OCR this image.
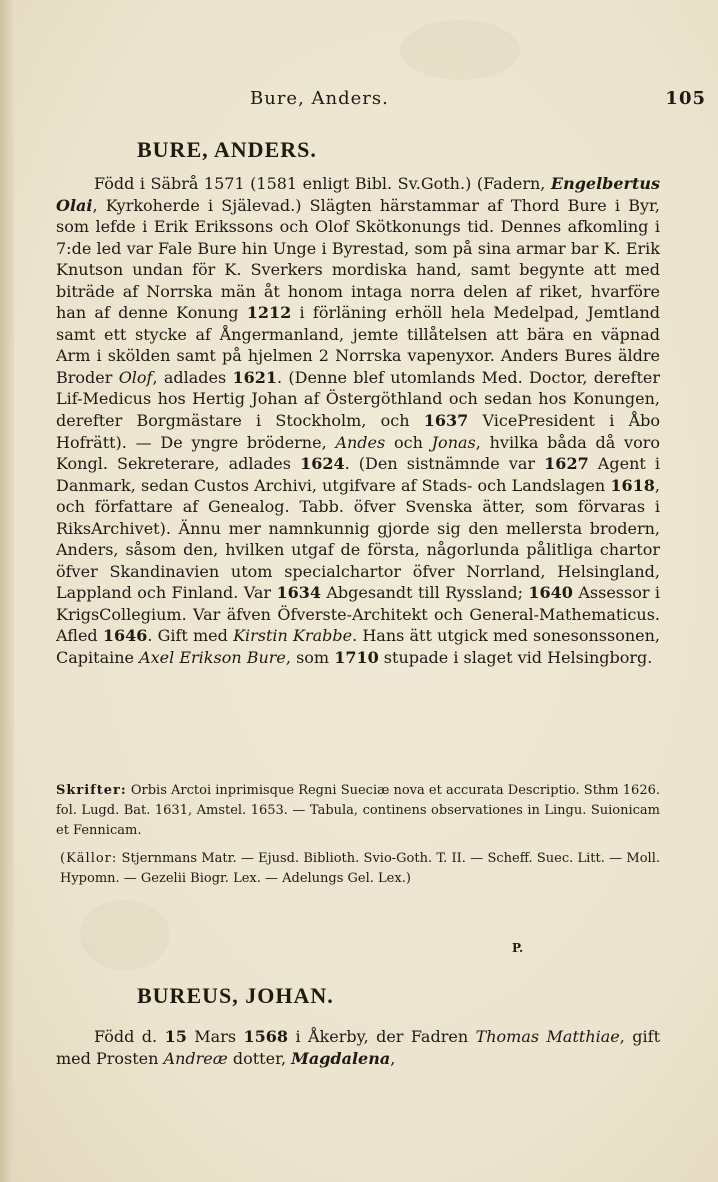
Bure, Anders.	105
BURE, ANDERS.

Född i Säbrå 1571 (1581 enligt Bibl. Sv.Goth.) (Fadern, Engelbertus Olai, Kyrkoherde i Själevad.) Slägten härstammar af Thord Bure i Byr, som lefde i Erik Erikssons och Olof Skötkonungs tid. Dennes afkomling i 7:de led var Fale Bure hin Unge i Byrestad, som på sina armar bar K. Erik Knutson undan för K. Sverkers mordiska hand, samt begynte att med biträde af Norrska män åt honom intaga norra delen af riket, hvarföre han af denne Konung 1212 i förläning erhöll hela Medelpad, Jemtland samt ett stycke af Ångermanland, jemte tillåtelsen att bära en väpnad Arm i skölden samt på hjelmen 2 Norrska vapenyxor. Anders Bures äldre Broder Olof, adlades 1621. (Denne blef utomlands Med. Doctor, derefter Lif-Medicus hos Hertig Johan af Östergöthland och sedan hos Konungen, derefter Borgmästare i Stockholm, och 1637 VicePresident i Åbo Hofrätt). — De yngre bröderne, Andes och Jonas, hvilka båda då voro Kongl. Sekreterare, adlades 1624. (Den sistnämnde var 1627 Agent i Danmark, sedan Custos Archivi, utgifvare af Stads- och Landslagen 1618, och författare af Genealog. Tabb. öfver Svenska ätter, som förvaras i RiksArchivet). Ännu mer namnkunnig gjorde sig den mellersta brodern, Anders, såsom den, hvilken utgaf de första, någorlunda pålitliga chartor öfver Skandinavien utom specialchartor öfver Norrland, Helsingland, Lappland och Finland. Var 1634 Abgesandt till Ryssland; 1640 Assessor i KrigsCollegium. Var äfven Öfverste-Architekt och General-Mathematicus. Afled 1646. Gift med Kirstin Krabbe. Hans ätt utgick med sonesonssonen, Capitaine Axel Erikson Bure, som 1710 stupade i slaget vid Helsingborg.

Skrifter: Orbis Arctoi inprimisque Regni Sueciæ nova et accurata Descriptio. Sthm 1626. fol. Lugd. Bat. 1631, Amstel. 1653. — Tabula, continens observationes in Lingu. Suionicam et Fennicam.

(Källor: Stjernmans Matr. — Ejusd. Biblioth. Svio-Goth. T. II. — Scheff. Suec. Litt. — Moll. Hypomn. — Gezelii Biogr. Lex. — Adelungs Gel. Lex.)

P.
BUREUS, JOHAN.

Född d. 15 Mars 1568 i Åkerby, der Fadren Thomas Matthiae, gift med Prosten Andreæ dotter, Magdalena,
